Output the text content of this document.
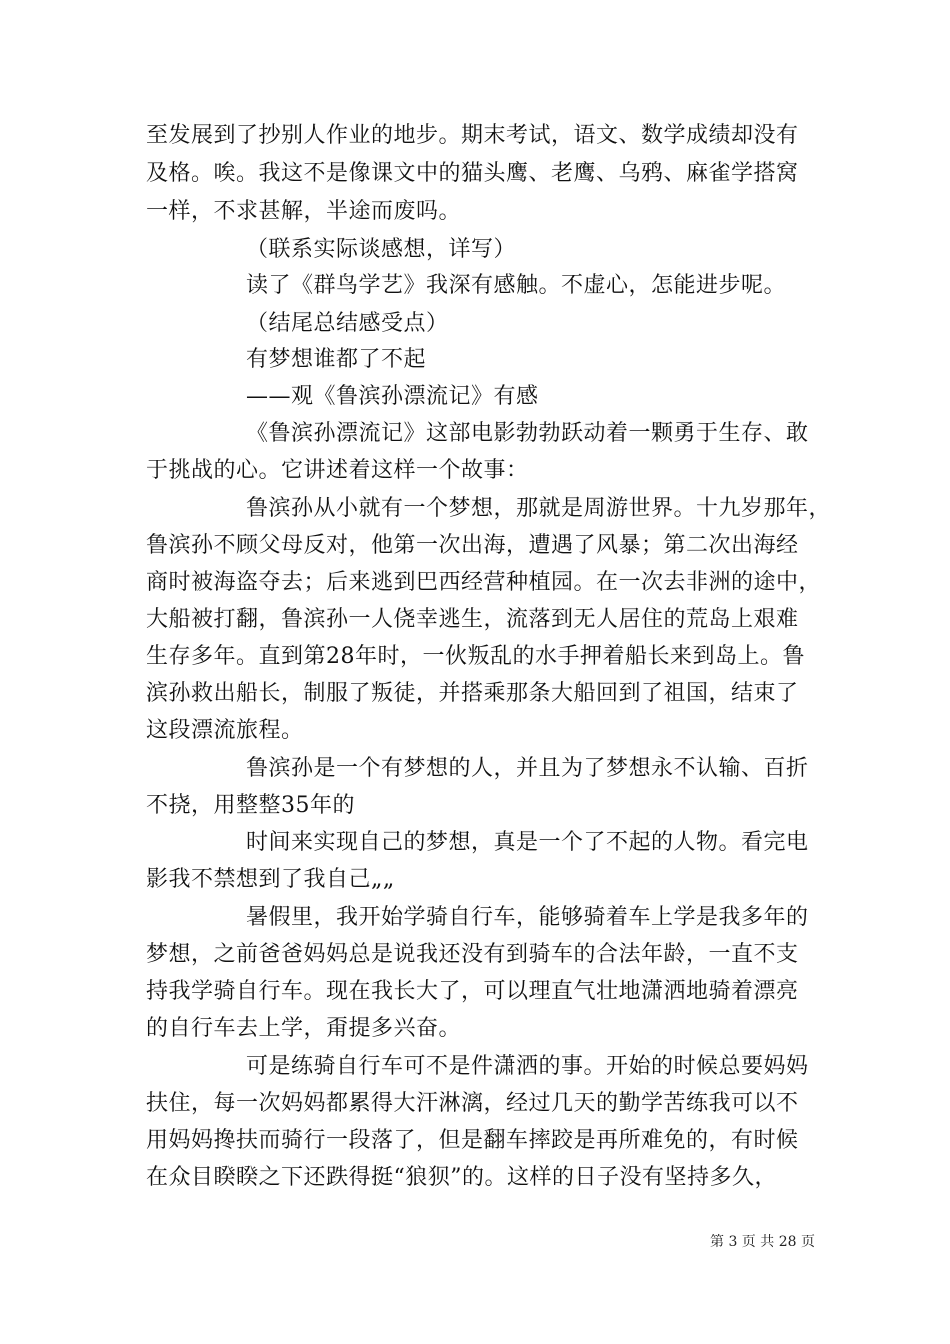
至发展到了抄别人作业的地步。期末考试，语文、数学成绩却没有
及格。唉。我这不是像课文中的猫头鹰、老鹰、乌鸦、麻雀学搭窝
一样，不求甚解，半途而废吗。
（联系实际谈感想，详写）
读了《群鸟学艺》我深有感触。不虚心，怎能进步呢。
（结尾总结感受点）
有梦想谁都了不起
——观《鲁滨孙漂流记》有感
《鲁滨孙漂流记》这部电影勃勃跃动着一颗勇于生存、敢
于挑战的心。它讲述着这样一个故事：
鲁滨孙从小就有一个梦想，那就是周游世界。十九岁那年，
鲁滨孙不顾父母反对，他第一次出海，遭遇了风暴；第二次出海经
商时被海盗夺去；后来逃到巴西经营种植园。在一次去非洲的途中，
大船被打翻，鲁滨孙一人侥幸逃生，流落到无人居住的荒岛上艰难
生存多年。直到第28年时，一伙叛乱的水手押着船长来到岛上。鲁
滨孙救出船长，制服了叛徒，并搭乘那条大船回到了祖国，结束了
这段漂流旅程。
鲁滨孙是一个有梦想的人，并且为了梦想永不认输、百折
不挠，用整整35年的
时间来实现自己的梦想，真是一个了不起的人物。看完电
影我不禁想到了我自己„„
暑假里，我开始学骑自行车，能够骑着车上学是我多年的
梦想，之前爸爸妈妈总是说我还没有到骑车的合法年龄，一直不支
持我学骑自行车。现在我长大了，可以理直气壮地潇洒地骑着漂亮
的自行车去上学，甭提多兴奋。
可是练骑自行车可不是件潇洒的事。开始的时候总要妈妈
扶住，每一次妈妈都累得大汗淋漓，经过几天的勤学苦练我可以不
用妈妈搀扶而骑行一段落了，但是翻车摔跤是再所难免的，有时候
在众目睽睽之下还跌得挺“狼狈”的。这样的日子没有坚持多久，
第 3 页 共 28 页
